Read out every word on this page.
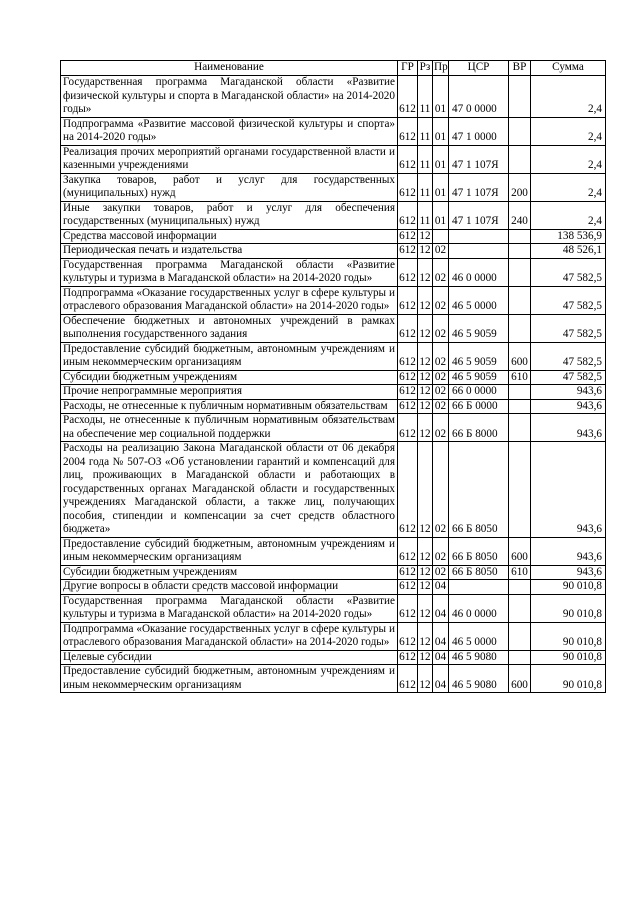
Наименование	ГР	Рз	Пр	ЦСР	ВР	Сумма
Государственная программа Магаданской области «Развитие физической культуры и спорта в Магаданской области» на 2014-2020 годы»	612	11	01	47 0 0000		2,4
Подпрограмма «Развитие массовой физической культуры и спорта» на 2014-2020 годы»	612	11	01	47 1 0000		2,4
Реализация прочих мероприятий органами государственной власти и казенными учреждениями	612	11	01	47 1 107Я		2,4
Закупка товаров, работ и услуг для государственных (муниципальных) нужд	612	11	01	47 1 107Я	200	2,4
Иные закупки товаров, работ и услуг для обеспечения государственных (муниципальных) нужд	612	11	01	47 1 107Я	240	2,4
Средства массовой информации	612	12				138 536,9
Периодическая печать и издательства	612	12	02			48 526,1
Государственная программа Магаданской области «Развитие культуры и туризма в Магаданской области» на 2014-2020 годы»	612	12	02	46 0 0000		47 582,5
Подпрограмма «Оказание государственных услуг в сфере культуры и отраслевого образования Магаданской области» на 2014-2020 годы»	612	12	02	46 5 0000		47 582,5
Обеспечение бюджетных и автономных учреждений в рамках выполнения государственного задания	612	12	02	46 5 9059		47 582,5
Предоставление субсидий бюджетным, автономным учреждениям и иным некоммерческим организациям	612	12	02	46 5 9059	600	47 582,5
Субсидии бюджетным учреждениям	612	12	02	46 5 9059	610	47 582,5
Прочие непрограммные мероприятия	612	12	02	66 0 0000		943,6
Расходы, не отнесенные к публичным нормативным обязательствам	612	12	02	66 Б 0000		943,6
Расходы, не отнесенные к публичным нормативным обязательствам на обеспечение мер социальной поддержки	612	12	02	66 Б 8000		943,6
Расходы на реализацию Закона Магаданской области от 06 декабря 2004 года № 507-ОЗ «Об установлении гарантий и компенсаций для лиц, проживающих в Магаданской области и работающих в государственных органах Магаданской области и государственных учреждениях Магаданской области, а также лиц, получающих пособия, стипендии и компенсации за счет средств областного бюджета»	612	12	02	66 Б 8050		943,6
Предоставление субсидий бюджетным, автономным учреждениям и иным некоммерческим организациям	612	12	02	66 Б 8050	600	943,6
Субсидии бюджетным учреждениям	612	12	02	66 Б 8050	610	943,6
Другие вопросы в области средств массовой информации	612	12	04			90 010,8
Государственная программа Магаданской области «Развитие культуры и туризма в Магаданской области» на 2014-2020 годы»	612	12	04	46 0 0000		90 010,8
Подпрограмма «Оказание государственных услуг в сфере культуры и отраслевого образования Магаданской области» на 2014-2020 годы»	612	12	04	46 5 0000		90 010,8
Целевые субсидии	612	12	04	46 5 9080		90 010,8
Предоставление субсидий бюджетным, автономным учреждениям и иным некоммерческим организациям	612	12	04	46 5 9080	600	90 010,8
